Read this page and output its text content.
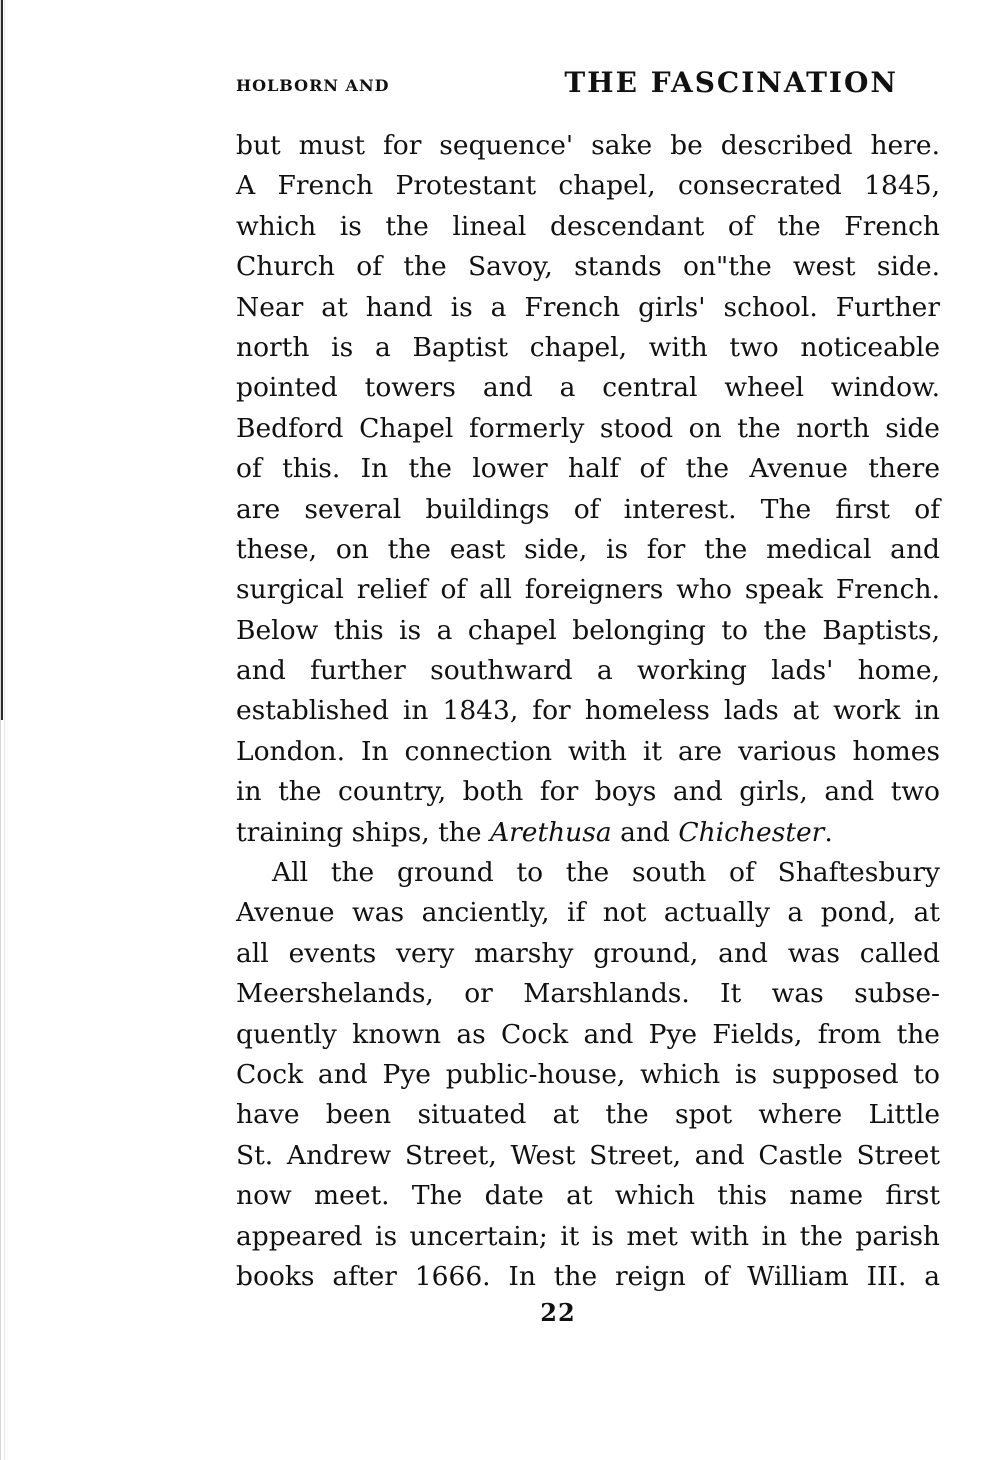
HOLBORN AND	THE FASCINATION
but must for sequence' sake be described here.
A French Protestant chapel, consecrated 1845,
which is the lineal descendant of the French
Church of the Savoy, stands on"the west side.
Near at hand is a French girls' school. Further
north is a Baptist chapel, with two noticeable
pointed towers and a central wheel window.
Bedford Chapel formerly stood on the north side
of this. In the lower half of the Avenue there
are several buildings of interest. The first of
these, on the east side, is for the medical and
surgical relief of all foreigners who speak French.
Below this is a chapel belonging to the Baptists,
and further southward a working lads' home,
established in 1843, for homeless lads at work in
London. In connection with it are various homes
in the country, both for boys and girls, and two
training ships, the Arethusa and Chichester.
All the ground to the south of Shaftesbury
Avenue was anciently, if not actually a pond, at
all events very marshy ground, and was called
Meershelands, or Marshlands. It was subse-
quently known as Cock and Pye Fields, from the
Cock and Pye public-house, which is supposed to
have been situated at the spot where Little
St. Andrew Street, West Street, and Castle Street
now meet. The date at which this name first
appeared is uncertain; it is met with in the parish
books after 1666. In the reign of William III. a
22
